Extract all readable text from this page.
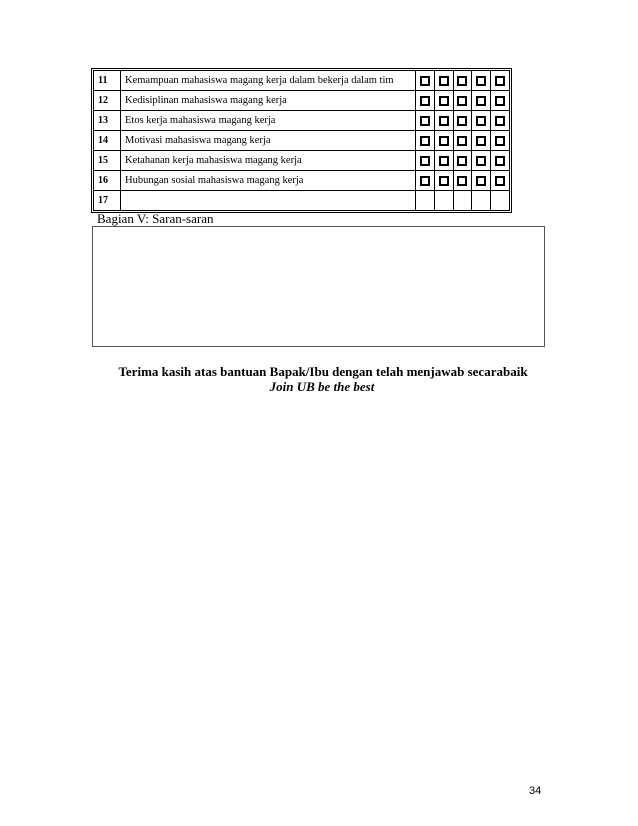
11	Kemampuan mahasiswa magang kerja dalam bekerja dalam tim					
12	Kedisiplinan mahasiswa magang kerja					
13	Etos kerja mahasiswa magang kerja					
14	Motivasi mahasiswa magang kerja					
15	Ketahanan kerja mahasiswa magang kerja					
16	Hubungan sosial mahasiswa magang kerja					
17						
Bagian V: Saran-saran
Terima kasih atas bantuan Bapak/Ibu dengan telah menjawab secarabaik
Join UB be the best
34
